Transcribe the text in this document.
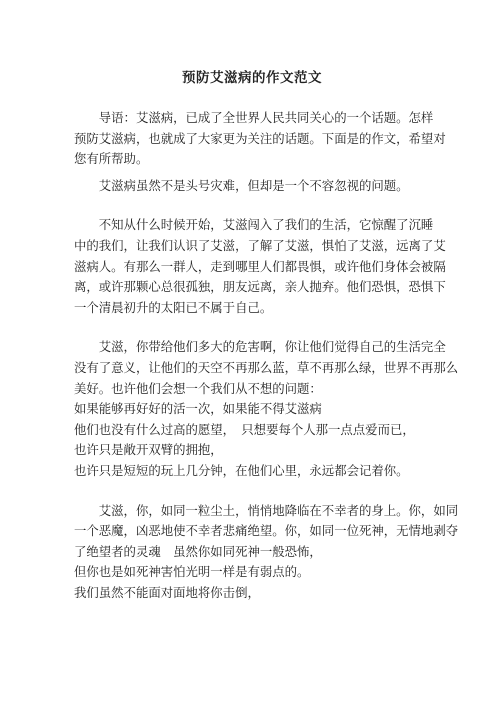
预防艾滋病的作文范文

　　导语：艾滋病，已成了全世界人民共同关心的一个话题。怎样
预防艾滋病，也就成了大家更为关注的话题。下面是的作文，希望对
您有所帮助。

　　艾滋病虽然不是头号灾难，但却是一个不容忽视的问题。

　　不知从什么时候开始，艾滋闯入了我们的生活，它惊醒了沉睡
中的我们，让我们认识了艾滋，了解了艾滋，惧怕了艾滋，远离了艾
滋病人。有那么一群人，走到哪里人们都畏惧，或许他们身体会被隔
离，或许那颗心总很孤独，朋友远离，亲人抛弃。他们恐惧，恐惧下
一个清晨初升的太阳已不属于自己。

　　艾滋，你带给他们多大的危害啊，你让他们觉得自己的生活完全
没有了意义，让他们的天空不再那么蓝，草不再那么绿，世界不再那么
美好。也许他们会想一个我们从不想的问题：
如果能够再好好的活一次，如果能不得艾滋病
他们也没有什么过高的愿望，　只想要每个人那一点点爱而已，
也许只是敞开双臂的拥抱，
也许只是短短的玩上几分钟，在他们心里，永远都会记着你。

　　艾滋，你，如同一粒尘土，悄悄地降临在不幸者的身上。你，如同
一个恶魔，凶恶地使不幸者悲痛绝望。你，如同一位死神，无情地剥夺
了绝望者的灵魂　虽然你如同死神一般恐怖，
但你也是如死神害怕光明一样是有弱点的。
我们虽然不能面对面地将你击倒，
